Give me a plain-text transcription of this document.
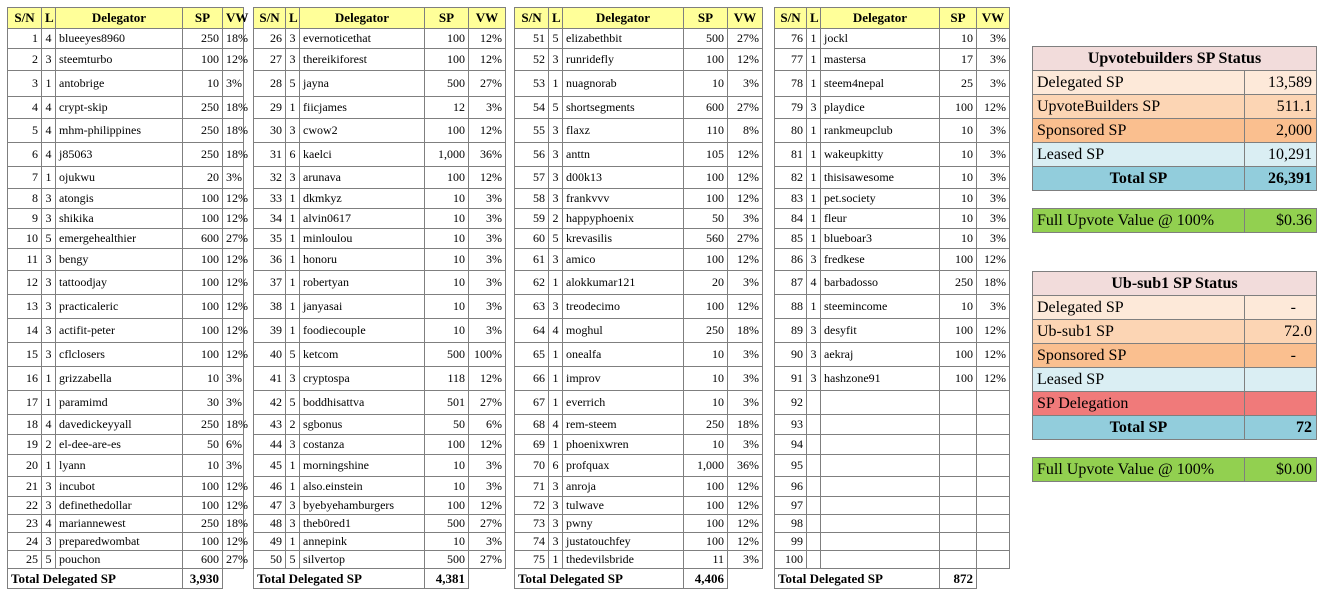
S/N	L	Delegator	SP	VW
1	4	blueeyes8960	250	18%
2	3	steemturbo	100	12%
3	1	antobrige	10	3%
4	4	crypt-skip	250	18%
5	4	mhm-philippines	250	18%
6	4	j85063	250	18%
7	1	ojukwu	20	3%
8	3	atongis	100	12%
9	3	shikika	100	12%
10	5	emergehealthier	600	27%
11	3	bengy	100	12%
12	3	tattoodjay	100	12%
13	3	practicaleric	100	12%
14	3	actifit-peter	100	12%
15	3	cflclosers	100	12%
16	1	grizzabella	10	3%
17	1	paramimd	30	3%
18	4	davedickeyyall	250	18%
19	2	el-dee-are-es	50	6%
20	1	lyann	10	3%
21	3	incubot	100	12%
22	3	definethedollar	100	12%
23	4	mariannewest	250	18%
24	3	preparedwombat	100	12%
25	5	pouchon	600	27%
Total Delegated SP			3,930	
S/N	L	Delegator	SP	VW
26	3	evernoticethat	100	12%
27	3	thereikiforest	100	12%
28	5	jayna	500	27%
29	1	fiicjames	12	3%
30	3	cwow2	100	12%
31	6	kaelci	1,000	36%
32	3	arunava	100	12%
33	1	dkmkyz	10	3%
34	1	alvin0617	10	3%
35	1	minloulou	10	3%
36	1	honoru	10	3%
37	1	robertyan	10	3%
38	1	janyasai	10	3%
39	1	foodiecouple	10	3%
40	5	ketcom	500	100%
41	3	cryptospa	118	12%
42	5	boddhisattva	501	27%
43	2	sgbonus	50	6%
44	3	costanza	100	12%
45	1	morningshine	10	3%
46	1	also.einstein	10	3%
47	3	byebyehamburgers	100	12%
48	3	theb0red1	500	27%
49	1	annepink	10	3%
50	5	silvertop	500	27%
Total Delegated SP			4,381	
S/N	L	Delegator	SP	VW
51	5	elizabethbit	500	27%
52	3	runridefly	100	12%
53	1	nuagnorab	10	3%
54	5	shortsegments	600	27%
55	3	flaxz	110	8%
56	3	anttn	105	12%
57	3	d00k13	100	12%
58	3	frankvvv	100	12%
59	2	happyphoenix	50	3%
60	5	krevasilis	560	27%
61	3	amico	100	12%
62	1	alokkumar121	20	3%
63	3	treodecimo	100	12%
64	4	moghul	250	18%
65	1	onealfa	10	3%
66	1	improv	10	3%
67	1	everrich	10	3%
68	4	rem-steem	250	18%
69	1	phoenixwren	10	3%
70	6	profquax	1,000	36%
71	3	anroja	100	12%
72	3	tulwave	100	12%
73	3	pwny	100	12%
74	3	justatouchfey	100	12%
75	1	thedevilsbride	11	3%
Total Delegated SP			4,406	
S/N	L	Delegator	SP	VW
76	1	jockl	10	3%
77	1	mastersa	17	3%
78	1	steem4nepal	25	3%
79	3	playdice	100	12%
80	1	rankmeupclub	10	3%
81	1	wakeupkitty	10	3%
82	1	thisisawesome	10	3%
83	1	pet.society	10	3%
84	1	fleur	10	3%
85	1	blueboar3	10	3%
86	3	fredkese	100	12%
87	4	barbadosso	250	18%
88	1	steemincome	10	3%
89	3	desyfit	100	12%
90	3	aekraj	100	12%
91	3	hashzone91	100	12%
92				
93				
94				
95				
96				
97				
98				
99				
100				
Total Delegated SP			872	
Upvotebuilders SP Status	
Delegated SP	13,589
UpvoteBuilders SP	511.1
Sponsored SP	2,000
Leased SP	10,291
Total SP	26,391
Full Upvote Value @ 100%	$0.36
Ub-sub1 SP Status	
Delegated SP	-
Ub-sub1 SP	72.0
Sponsored SP	-
Leased SP	
SP Delegation	
Total SP	72
Full Upvote Value @ 100%	$0.00
